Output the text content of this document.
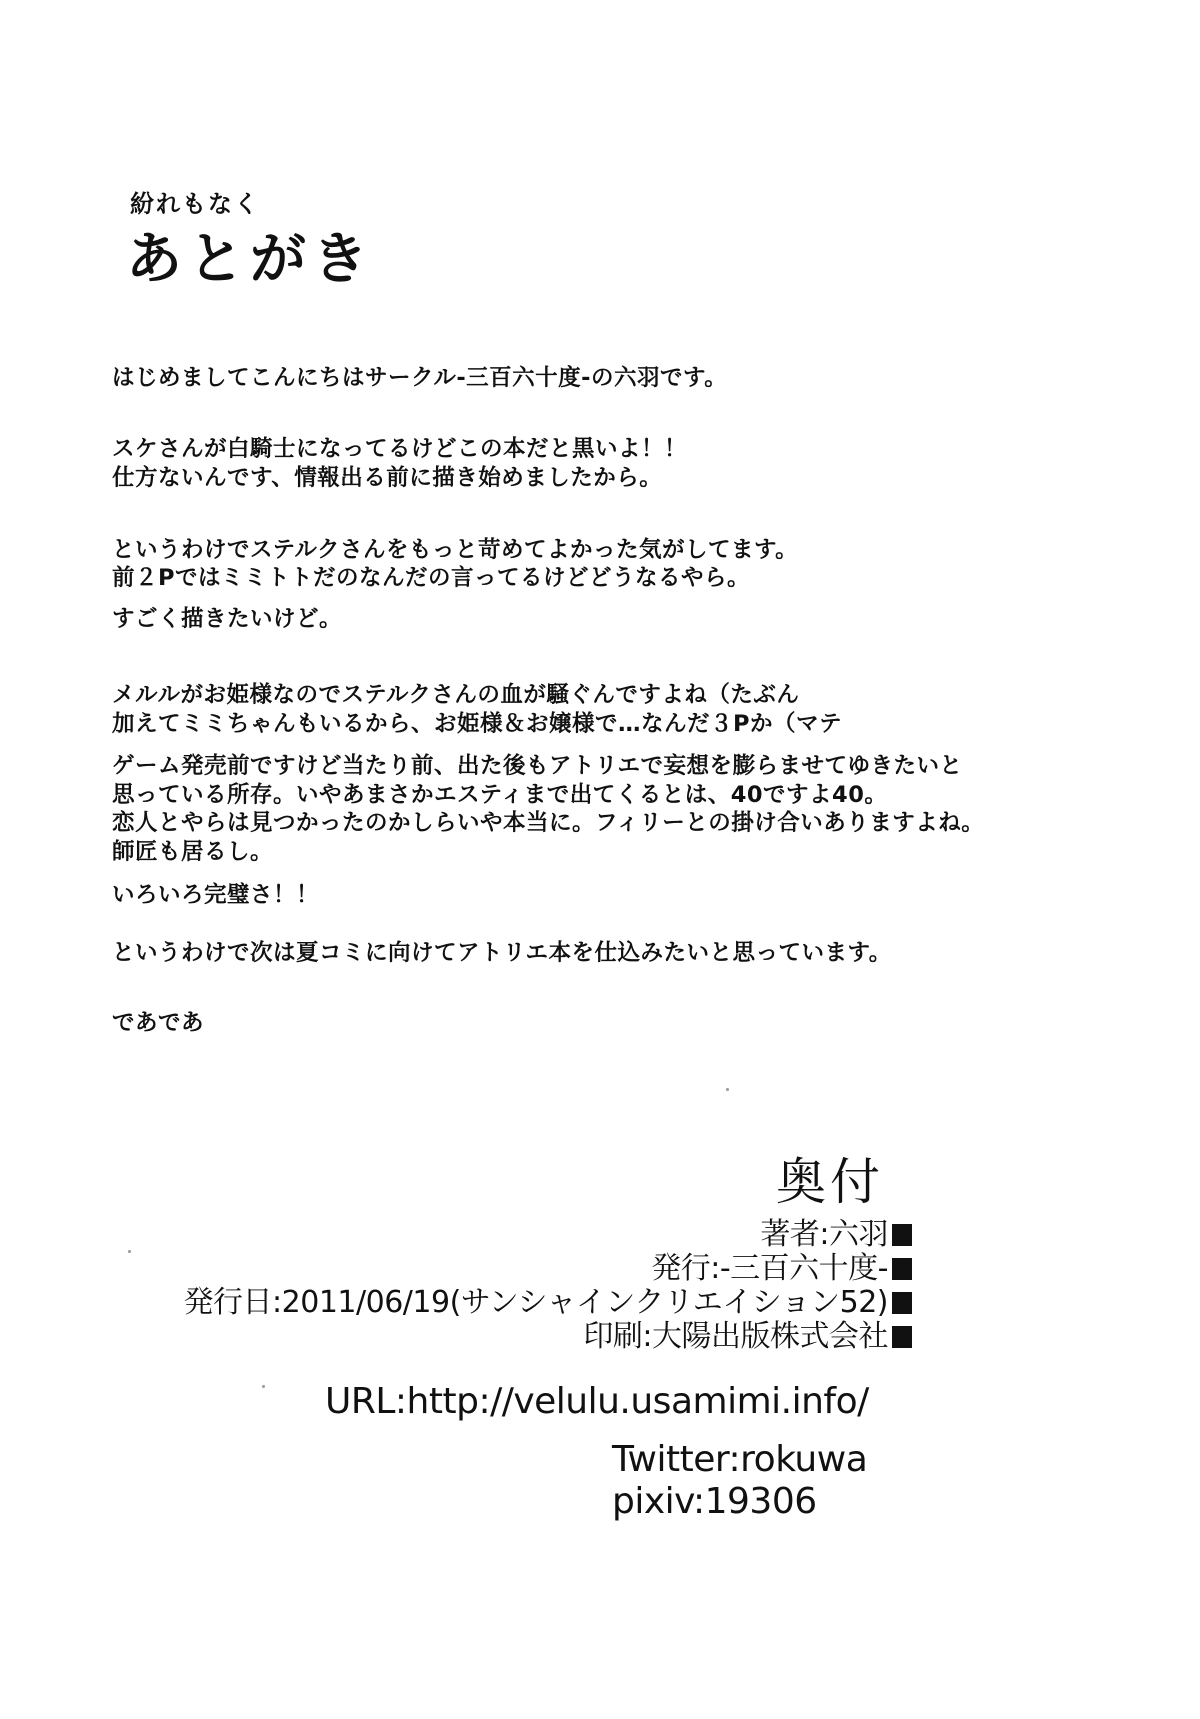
紛れもなく
あとがき
はじめましてこんにちはサークル-三百六十度-の六羽です。
スケさんが白騎士になってるけどこの本だと黒いよ！！
仕方ないんです、情報出る前に描き始めましたから。
というわけでステルクさんをもっと苛めてよかった気がしてます。
前２Pではミミトトだのなんだの言ってるけどどうなるやら。
すごく描きたいけど。
メルルがお姫様なのでステルクさんの血が騒ぐんですよね（たぶん
加えてミミちゃんもいるから、お姫様＆お嬢様で…なんだ３Pか（マテ
ゲーム発売前ですけど当たり前、出た後もアトリエで妄想を膨らませてゆきたいと
思っている所存。いやあまさかエスティまで出てくるとは、40ですよ40。
恋人とやらは見つかったのかしらいや本当に。フィリーとの掛け合いありますよね。
師匠も居るし。
いろいろ完璧さ！！
というわけで次は夏コミに向けてアトリエ本を仕込みたいと思っています。
であであ
奥付
著者:六羽
発行:-三百六十度-
発行日:2011/06/19(サンシャインクリエイション52)
印刷:大陽出版株式会社
URL:http://velulu.usamimi.info/
Twitter:rokuwa
pixiv:19306
